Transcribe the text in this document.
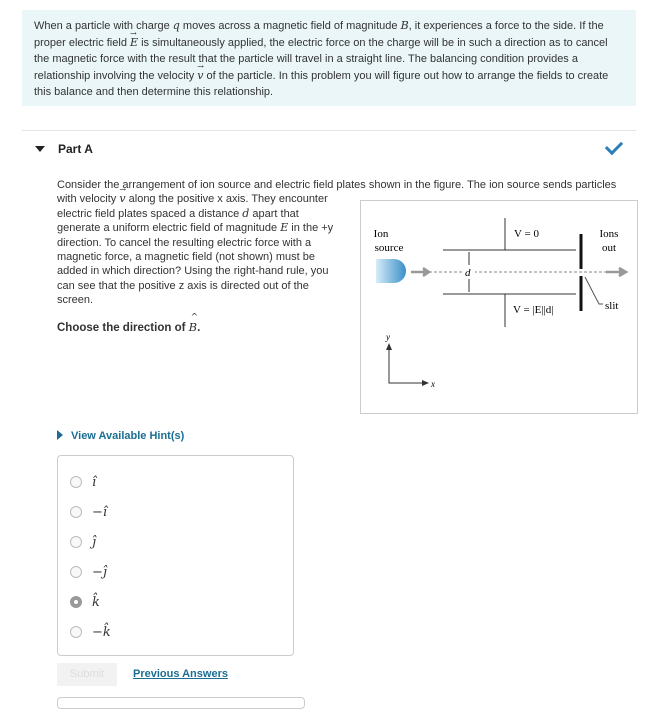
When a particle with charge q moves across a magnetic field of magnitude B, it experiences a force to the side. If the proper electric field → E is simultaneously applied, the electric force on the charge will be in such a direction as to cancel the magnetic force with the result that the particle will travel in a straight line. The balancing condition provides a relationship involving the velocity → v of the particle. In this problem you will figure out how to arrange the fields to create this balance and then determine this relationship.
Part A
Consider the arrangement of ion source and electric field plates shown in the figure. The ion source sends particles
with velocity → v along the positive x axis. They encounter electric field plates spaced a distance d apart that generate a uniform electric field of magnitude E in the +y direction. To cancel the resulting electric force with a magnetic force, a magnetic field (not shown) must be added in which direction? Using the right-hand rule, you can see that the positive z axis is directed out of the screen.
Choose the direction of ^ B.
Ion
source
d
V = 0
V = |E||d|	slit
Ions
out
y
x
View Available Hint(s)
î
−î
ĵ
−ĵ
k̂
−k̂
Submit	Previous Answers
